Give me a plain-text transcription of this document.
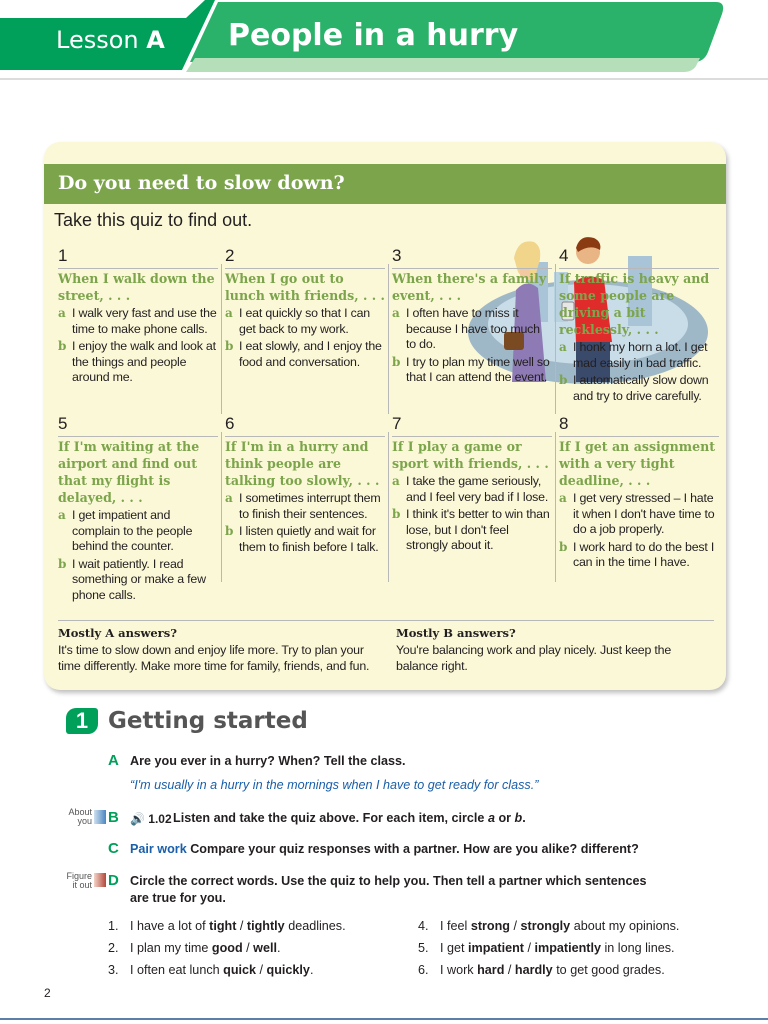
Lesson A People in a hurry
Do you need to slow down?
Take this quiz to find out.
1
When I walk down the street, . . .
a I walk very fast and use the time to make phone calls.
b I enjoy the walk and look at the things and people around me.
2
When I go out to lunch with friends, . . .
a I eat quickly so that I can get back to my work.
b I eat slowly, and I enjoy the food and conversation.
3
When there's a family event, . . .
a I often have to miss it because I have too much to do.
b I try to plan my time well so that I can attend the event.
4
If traffic is heavy and some people are driving a bit recklessly, . . .
a I honk my horn a lot. I get mad easily in bad traffic.
b I automatically slow down and try to drive carefully.
5
If I'm waiting at the airport and find out that my flight is delayed, . . .
a I get impatient and complain to the people behind the counter.
b I wait patiently. I read something or make a few phone calls.
6
If I'm in a hurry and think people are talking too slowly, . . .
a I sometimes interrupt them to finish their sentences.
b I listen quietly and wait for them to finish before I talk.
7
If I play a game or sport with friends, . . .
a I take the game seriously, and I feel very bad if I lose.
b I think it's better to win than lose, but I don't feel strongly about it.
8
If I get an assignment with a very tight deadline, . . .
a I get very stressed – I hate it when I don't have time to do a job properly.
b I work hard to do the best I can in the time I have.
Mostly A answers?
It's time to slow down and enjoy life more. Try to plan your time differently. Make more time for family, friends, and fun.
Mostly B answers?
You're balancing work and play nicely. Just keep the balance right.
1 Getting started
A Are you ever in a hurry? When? Tell the class.
“I'm usually in a hurry in the mornings when I have to get ready for class.”
About
you B 🔊 1.02 Listen and take the quiz above. For each item, circle a or b.
C Pair work Compare your quiz responses with a partner. How are you alike? different?
Figure
it out D Circle the correct words. Use the quiz to help you. Then tell a partner which sentences
are true for you.
1. I have a lot of tight / tightly deadlines.
2. I plan my time good / well.
3. I often eat lunch quick / quickly.
4. I feel strong / strongly about my opinions.
5. I get impatient / impatiently in long lines.
6. I work hard / hardly to get good grades.
2
